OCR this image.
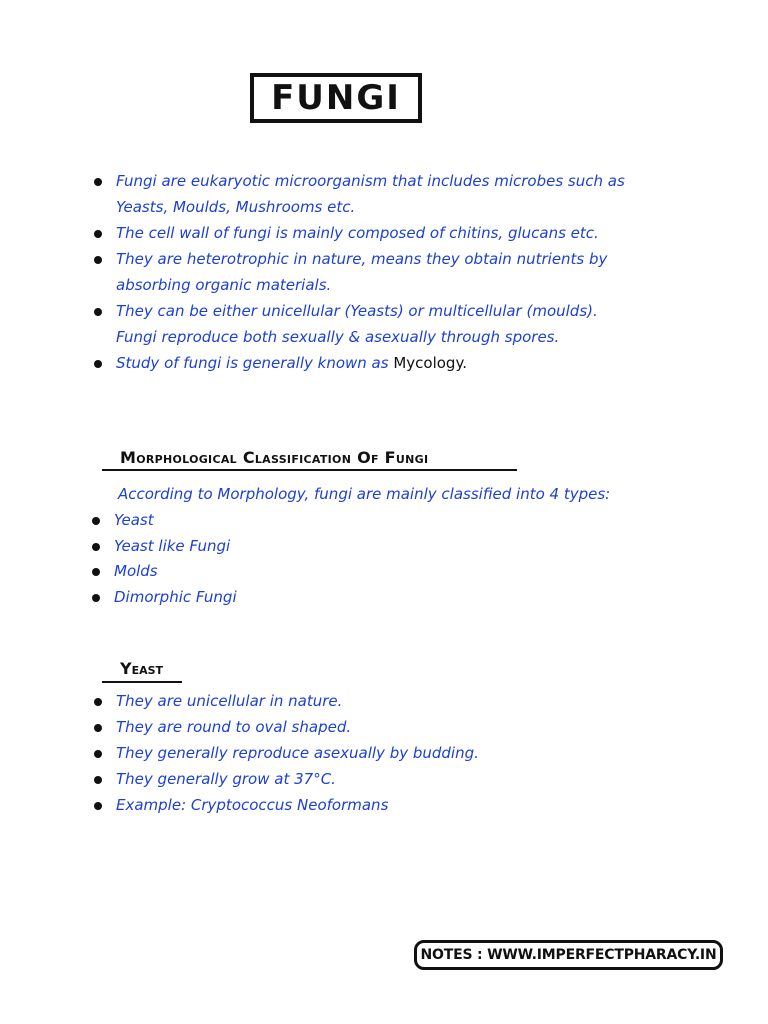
FUNGI
Fungi are eukaryotic microorganism that includes microbes such as
Yeasts, Moulds, Mushrooms etc.
The cell wall of fungi is mainly composed of chitins, glucans etc.
They are heterotrophic in nature, means they obtain nutrients by
absorbing organic materials.
They can be either unicellular (Yeasts) or multicellular (moulds).
Fungi reproduce both sexually & asexually through spores.
Study of fungi is generally known as Mycology.
Morphological Classification Of Fungi
According to Morphology, fungi are mainly classified into 4 types:
Yeast
Yeast like Fungi
Molds
Dimorphic Fungi
Yeast
They are unicellular in nature.
They are round to oval shaped.
They generally reproduce asexually by budding.
They generally grow at 37°C.
Example: Cryptococcus Neoformans
NOTES : WWW.IMPERFECTPHARACY.IN
